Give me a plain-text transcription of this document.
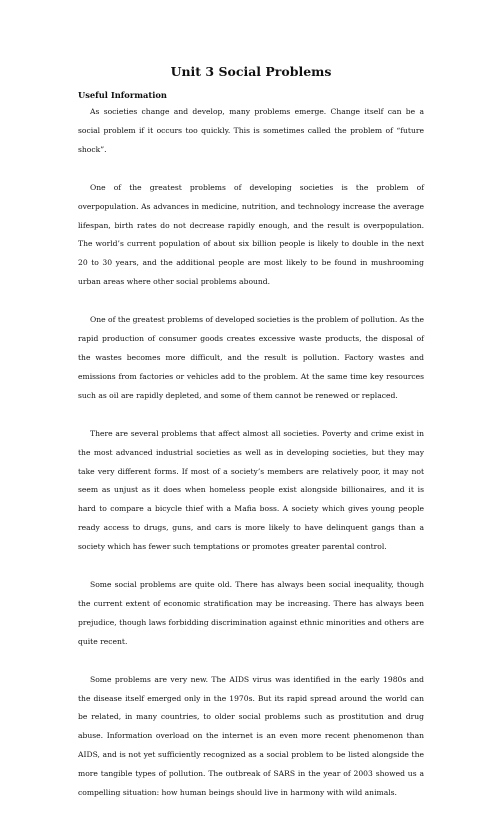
Unit 3 Social Problems
Useful Information

As societies change and develop, many problems emerge. Change itself can be a social problem if it occurs too quickly. This is sometimes called the problem of “future shock”.

One of the greatest problems of developing societies is the problem of overpopulation. As advances in medicine, nutrition, and technology increase the average lifespan, birth rates do not decrease rapidly enough, and the result is overpopulation. The world’s current population of about six billion people is likely to double in the next 20 to 30 years, and the additional people are most likely to be found in mushrooming urban areas where other social problems abound.

One of the greatest problems of developed societies is the problem of pollution. As the rapid production of consumer goods creates excessive waste products, the disposal of the wastes becomes more difficult, and the result is pollution. Factory wastes and emissions from factories or vehicles add to the problem. At the same time key resources such as oil are rapidly depleted, and some of them cannot be renewed or replaced.

There are several problems that affect almost all societies. Poverty and crime exist in the most advanced industrial societies as well as in developing societies, but they may take very different forms. If most of a society’s members are relatively poor, it may not seem as unjust as it does when homeless people exist alongside billionaires, and it is hard to compare a bicycle thief with a Mafia boss. A society which gives young people ready access to drugs, guns, and cars is more likely to have delinquent gangs than a society which has fewer such temptations or promotes greater parental control.

Some social problems are quite old. There has always been social inequality, though the current extent of economic stratification may be increasing. There has always been prejudice, though laws forbidding discrimination against ethnic minorities and others are quite recent.

Some problems are very new. The AIDS virus was identified in the early 1980s and the disease itself emerged only in the 1970s. But its rapid spread around the world can be related, in many countries, to older social problems such as prostitution and drug abuse. Information overload on the internet is an even more recent phenomenon than AIDS, and is not yet sufficiently recognized as a social problem to be listed alongside the more tangible types of pollution. The outbreak of SARS in the year of 2003 showed us a compelling situation: how human beings should live in harmony with wild animals.
